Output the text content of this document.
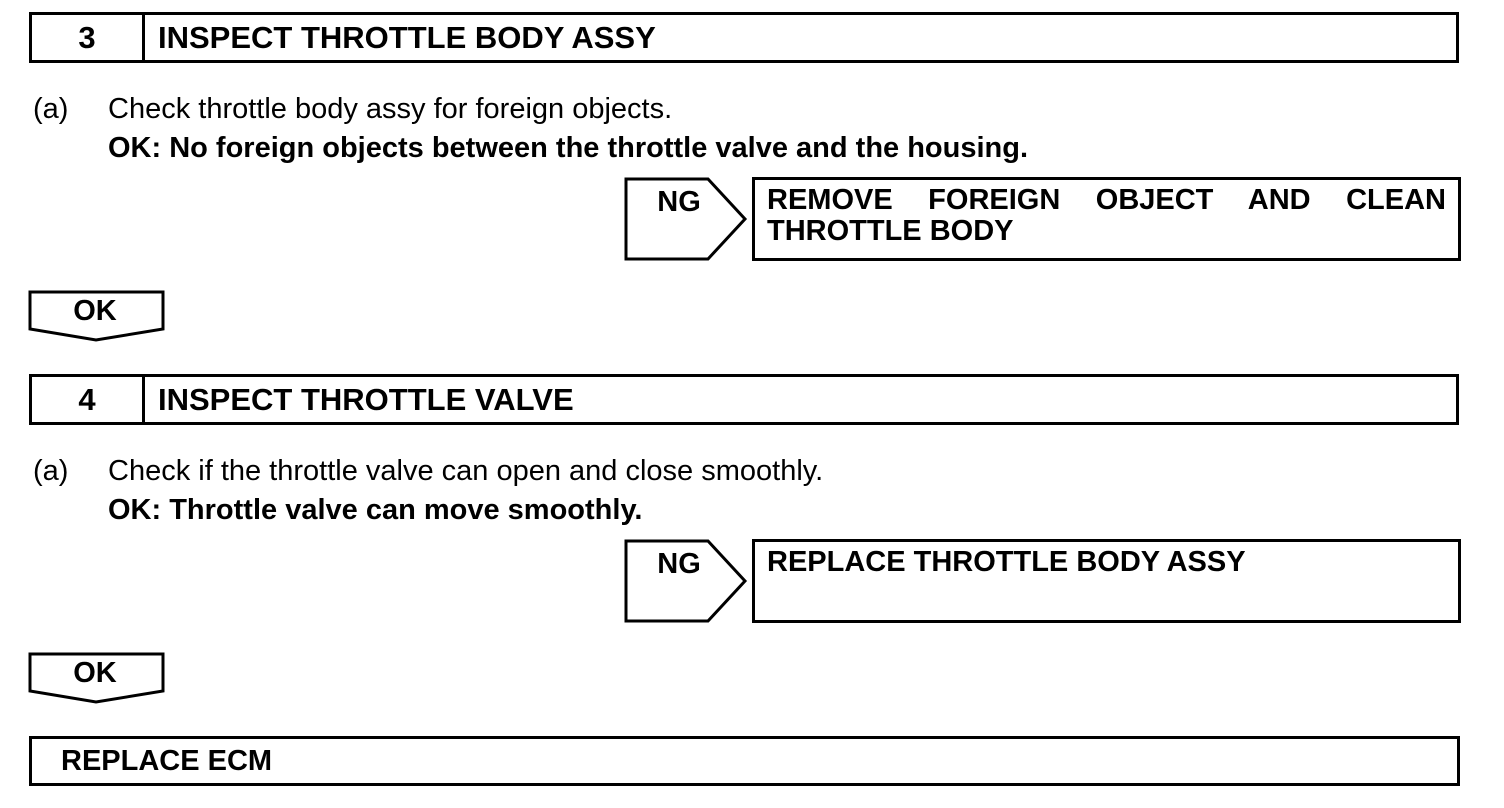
3	INSPECT THROTTLE BODY ASSY
(a) Check throttle body assy for foreign objects.
OK: No foreign objects between the throttle valve and the housing.
NG	REMOVE FOREIGN OBJECT AND CLEAN THROTTLE BODY
OK
4	INSPECT THROTTLE VALVE
(a) Check if the throttle valve can open and close smoothly.
OK: Throttle valve can move smoothly.
NG	REPLACE THROTTLE BODY ASSY
OK
REPLACE ECM
